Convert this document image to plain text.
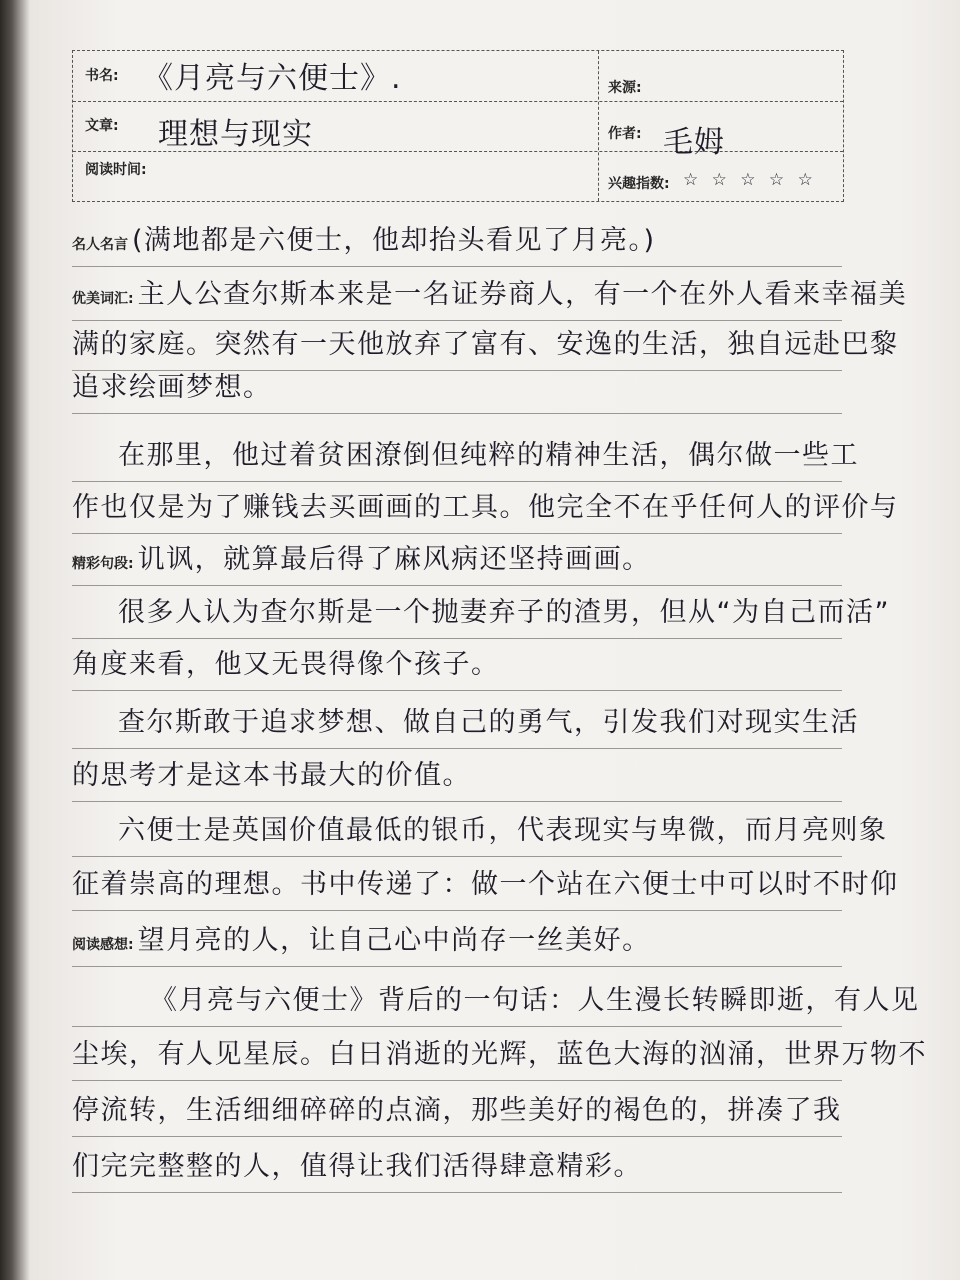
书名: 《月亮与六便士》.	来源:
文章: 理想与现实	作者: 毛姆
阅读时间:
兴趣指数: ☆ ☆ ☆ ☆ ☆
名人名言 (满地都是六便士，他却抬头看见了月亮。)
优美词汇: 主人公查尔斯本来是一名证券商人，有一个在外人看来幸福美
满的家庭。突然有一天他放弃了富有、安逸的生活，独自远赴巴黎
追求绘画梦想。
在那里，他过着贫困潦倒但纯粹的精神生活，偶尔做一些工
作也仅是为了赚钱去买画画的工具。他完全不在乎任何人的评价与
精彩句段: 讥讽，就算最后得了麻风病还坚持画画。
很多人认为查尔斯是一个抛妻弃子的渣男，但从“为自己而活”
角度来看，他又无畏得像个孩子。
查尔斯敢于追求梦想、做自己的勇气，引发我们对现实生活
的思考才是这本书最大的价值。
六便士是英国价值最低的银币，代表现实与卑微，而月亮则象
征着崇高的理想。书中传递了：做一个站在六便士中可以时不时仰
阅读感想: 望月亮的人，让自己心中尚存一丝美好。
《月亮与六便士》背后的一句话：人生漫长转瞬即逝，有人见
尘埃，有人见星辰。白日消逝的光辉，蓝色大海的汹涌，世界万物不
停流转，生活细细碎碎的点滴，那些美好的褐色的，拼凑了我
们完完整整的人，值得让我们活得肆意精彩。
